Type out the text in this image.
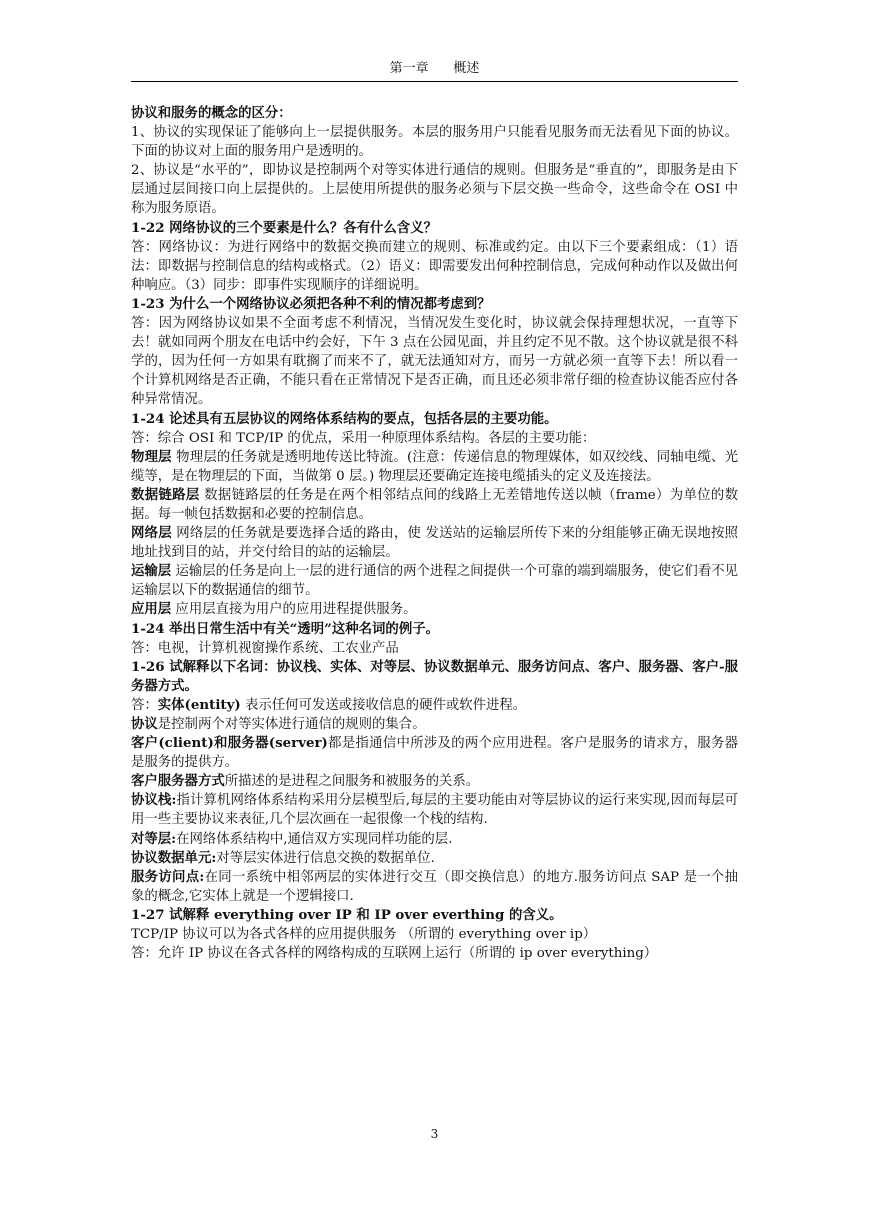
第一章 概述

协议和服务的概念的区分：

1、协议的实现保证了能够向上一层提供服务。本层的服务用户只能看见服务而无法看见下面的协议。下面的协议对上面的服务用户是透明的。

2、协议是“水平的”，即协议是控制两个对等实体进行通信的规则。但服务是“垂直的”，即服务是由下层通过层间接口向上层提供的。上层使用所提供的服务必须与下层交换一些命令，这些命令在 OSI 中称为服务原语。

1-22 网络协议的三个要素是什么？各有什么含义？

答：网络协议：为进行网络中的数据交换而建立的规则、标准或约定。由以下三个要素组成：（1）语法：即数据与控制信息的结构或格式。（2）语义：即需要发出何种控制信息，完成何种动作以及做出何种响应。（3）同步：即事件实现顺序的详细说明。

1-23 为什么一个网络协议必须把各种不利的情况都考虑到？

答：因为网络协议如果不全面考虑不利情况，当情况发生变化时，协议就会保持理想状况，一直等下去！就如同两个朋友在电话中约会好，下午 3 点在公园见面，并且约定不见不散。这个协议就是很不科学的，因为任何一方如果有耽搁了而来不了，就无法通知对方，而另一方就必须一直等下去！所以看一个计算机网络是否正确，不能只看在正常情况下是否正确，而且还必须非常仔细的检查协议能否应付各种异常情况。

1-24 论述具有五层协议的网络体系结构的要点，包括各层的主要功能。

答：综合 OSI 和 TCP/IP 的优点，采用一种原理体系结构。各层的主要功能：

物理层 物理层的任务就是透明地传送比特流。(注意：传递信息的物理媒体，如双绞线、同轴电缆、光缆等，是在物理层的下面，当做第 0 层。) 物理层还要确定连接电缆插头的定义及连接法。

数据链路层 数据链路层的任务是在两个相邻结点间的线路上无差错地传送以帧（frame）为单位的数据。每一帧包括数据和必要的控制信息。

网络层 网络层的任务就是要选择合适的路由，使 发送站的运输层所传下来的分组能够正确无误地按照地址找到目的站，并交付给目的站的运输层。

运输层 运输层的任务是向上一层的进行通信的两个进程之间提供一个可靠的端到端服务，使它们看不见运输层以下的数据通信的细节。

应用层 应用层直接为用户的应用进程提供服务。

1-24 举出日常生活中有关“透明”这种名词的例子。

答：电视，计算机视窗操作系统、工农业产品

1-26 试解释以下名词：协议栈、实体、对等层、协议数据单元、服务访问点、客户、服务器、客户-服务器方式。

答：实体(entity) 表示任何可发送或接收信息的硬件或软件进程。

协议是控制两个对等实体进行通信的规则的集合。

客户(client)和服务器(server)都是指通信中所涉及的两个应用进程。客户是服务的请求方，服务器是服务的提供方。

客户服务器方式所描述的是进程之间服务和被服务的关系。

协议栈:指计算机网络体系结构采用分层模型后,每层的主要功能由对等层协议的运行来实现,因而每层可用一些主要协议来表征,几个层次画在一起很像一个栈的结构.

对等层:在网络体系结构中,通信双方实现同样功能的层.

协议数据单元:对等层实体进行信息交换的数据单位.

服务访问点:在同一系统中相邻两层的实体进行交互（即交换信息）的地方.服务访问点 SAP 是一个抽象的概念,它实体上就是一个逻辑接口.

1-27 试解释 everything over IP 和 IP over everthing 的含义。

TCP/IP 协议可以为各式各样的应用提供服务 （所谓的 everything over ip）

答：允许 IP 协议在各式各样的网络构成的互联网上运行（所谓的 ip over everything）

3
